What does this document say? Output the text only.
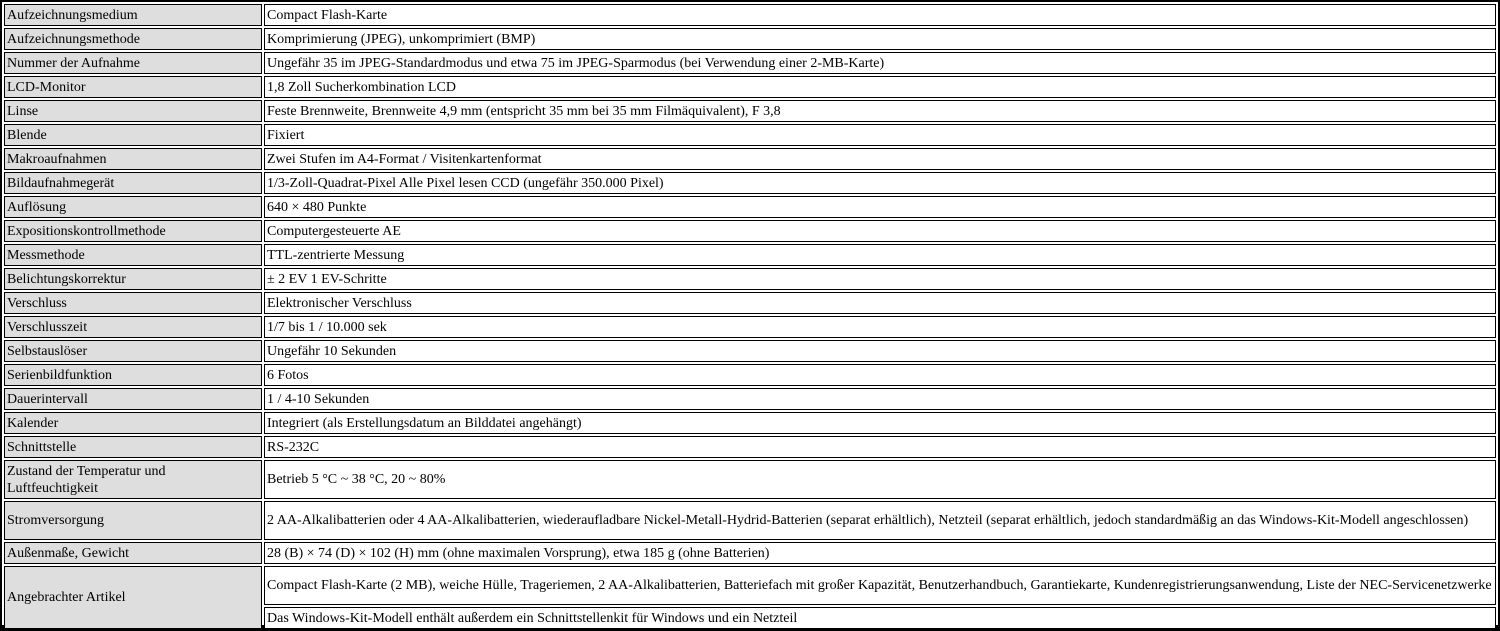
Aufzeichnungsmedium	Compact Flash-Karte
Aufzeichnungsmethode	Komprimierung (JPEG), unkomprimiert (BMP)
Nummer der Aufnahme	Ungefähr 35 im JPEG-Standardmodus und etwa 75 im JPEG-Sparmodus (bei Verwendung einer 2-MB-Karte)
LCD-Monitor	1,8 Zoll Sucherkombination LCD
Linse	Feste Brennweite, Brennweite 4,9 mm (entspricht 35 mm bei 35 mm Filmäquivalent), F 3,8
Blende	Fixiert
Makroaufnahmen	Zwei Stufen im A4-Format / Visitenkartenformat
Bildaufnahmegerät	1/3-Zoll-Quadrat-Pixel Alle Pixel lesen CCD (ungefähr 350.000 Pixel)
Auflösung	640 × 480 Punkte
Expositionskontrollmethode	Computergesteuerte AE
Messmethode	TTL-zentrierte Messung
Belichtungskorrektur	± 2 EV 1 EV-Schritte
Verschluss	Elektronischer Verschluss
Verschlusszeit	1/7 bis 1 / 10.000 sek
Selbstauslöser	Ungefähr 10 Sekunden
Serienbildfunktion	6 Fotos
Dauerintervall	1 / 4-10 Sekunden
Kalender	Integriert (als Erstellungsdatum an Bilddatei angehängt)
Schnittstelle	RS-232C
Zustand der Temperatur und Luftfeuchtigkeit	Betrieb 5 °C ~ 38 °C, 20 ~ 80%
Stromversorgung	2 AA-Alkalibatterien oder 4 AA-Alkalibatterien, wiederaufladbare Nickel-Metall-Hydrid-Batterien (separat erhältlich), Netzteil (separat erhältlich, jedoch standardmäßig an das Windows-Kit-Modell angeschlossen)
Außenmaße, Gewicht	28 (B) × 74 (D) × 102 (H) mm (ohne maximalen Vorsprung), etwa 185 g (ohne Batterien)
Angebrachter Artikel	Compact Flash-Karte (2 MB), weiche Hülle, Trageriemen, 2 AA-Alkalibatterien, Batteriefach mit großer Kapazität, Benutzerhandbuch, Garantiekarte, Kundenregistrierungsanwendung, Liste der NEC-Servicenetzwerke
	Das Windows-Kit-Modell enthält außerdem ein Schnittstellenkit für Windows und ein Netzteil
